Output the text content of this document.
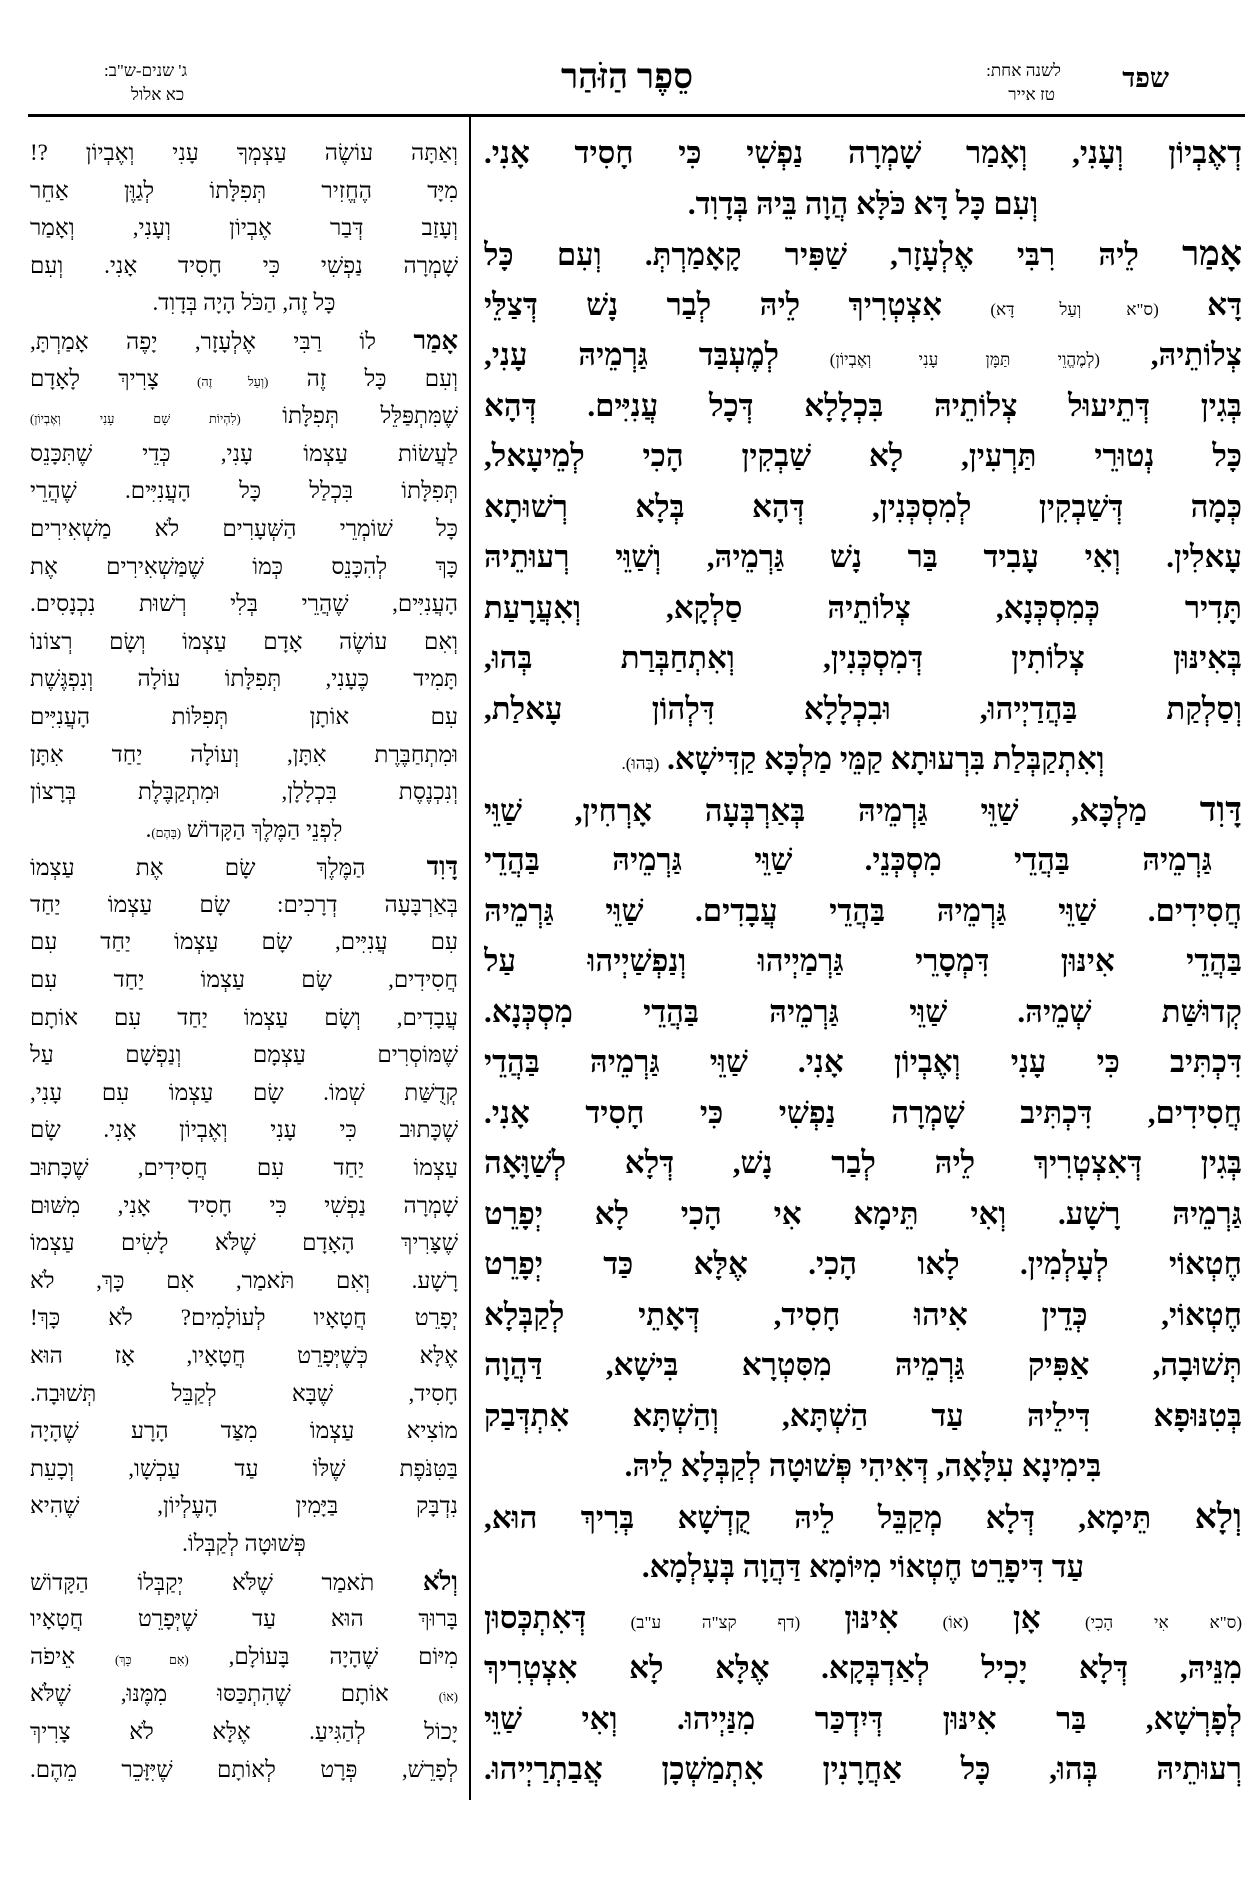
שפד
לשנה אחת:
טז אייר
סֵפֶר הַזֹּהַר
ג' שנים-ש"ב:
כא אלול
דְאֶבְיוֹן וְעָנִי, וְאָמַר שָׁמְרָה נַפְשִׁי כִּי חָסִיד אָנִי.
וְעִם כָּל דָּא כֹּלָּא הֲוָה בֵּיהּ בְּדָוִד.
אָמַר לֵיהּ רִבִּי אֶלְעָזָר, שַׁפִּיר קָאָמַרְתְּ. וְעִם כָּל
דָּא (ס"א וְעַל דָּא) אִצְטְרִיךְ לֵיהּ לְבַר נָשׁ דְּצַלֵּי
צְלוֹתֵיהּ, (לְמֶהֱוֵי תַּמָּן עָנִי וְאֶבְיוֹן) לְמֶעְבַּד גַּרְמֵיהּ עָנִי,
בְּגִין דְּתֵיעוּל צְלוֹתֵיהּ בִּכְלָלָא דְּכָל עֲנִיִּים. דְּהָא
כָּל נְטוּרֵי תַּרְעִין, לָא שַׁבְקִין הָכִי לְמֵיעָאל,
כְּמָה דְּשַׁבְקִין לְמִסְכְּנִין, דְּהָא בְּלָא רְשׁוּתָא
עָאלִין. וְאִי עָבִיד בַּר נָשׁ גַּרְמֵיהּ, וְשַׁוֵּי רְעוּתֵיהּ
תָּדִיר כְּמִסְכְּנָא, צְלוֹתֵיהּ סַלְקָא, וְאִעֲרָעַת
בְּאִינּוּן צְלוֹתִין דְּמִסְכְּנִין, וְאִתְחַבְּרַת בְּהוּ,
וְסַלְקַת בַּהֲדַיְיהוּ, וּבִכְלָלָא דִּלְהוֹן עָאלַת,
וְאִתְקַבְּלַת בִּרְעוּתָא קַמֵּי מַלְכָּא קַדִּישָׁא. (בְּהוּ).
דָּוִד מַלְכָּא, שַׁוֵּי גַּרְמֵיהּ בְּאַרְבְּעָה אָרְחִין, שַׁוֵּי
גַּרְמֵיהּ בַּהֲדֵי מִסְכְּנֵי. שַׁוֵּי גַּרְמֵיהּ בַּהֲדֵי
חֲסִידִים. שַׁוֵּי גַּרְמֵיהּ בַּהֲדֵי עֲבָדִים. שַׁוֵּי גַּרְמֵיהּ
בַּהֲדֵי אִינּוּן דִּמְסָרֵי גַּרְמַיְיהוּ וְנַפְשַׁיְיהוּ עַל
קְדוּשַּׁת שְׁמֵיהּ. שַׁוֵּי גַּרְמֵיהּ בַּהֲדֵי מִסְכְּנָא.
דִּכְתִּיב כִּי עָנִי וְאֶבְיוֹן אָנִי. שַׁוֵּי גַּרְמֵיהּ בַּהֲדֵי
חֲסִידִים, דִּכְתִּיב שָׁמְרָה נַפְשִׁי כִּי חָסִיד אָנִי.
בְּגִין דְּאִצְטְרִיךְ לֵיהּ לְבַר נָשׁ, דְּלָא לְשַׁוָּאָה
גַּרְמֵיהּ רָשָׁע. וְאִי תֵּימָא אִי הָכִי לָא יְפָרֵט
חֶטְאוֹי לְעָלְמִין. לָאו הָכִי. אֶלָּא כַּד יְפָרֵט
חֶטְאוֹי, כְּדֵין אִיהוּ חָסִיד, דְּאָתֵי לְקַבְּלָא
תְּשׁוּבָה, אַפִּיק גַּרְמֵיהּ מִסִּטְרָא בִּישָׁא, דַּהֲוָה
בְּטִנּוּפָא דִּילֵיהּ עַד הַשְׁתָּא, וְהַשְׁתָּא אִתְדְּבַק
בִּימִינָא עִלָּאָה, דְּאִיהִי פְּשׁוּטָה לְקַבְּלָא לֵיהּ.
וְלָא תֵּימָא, דְּלָא מְקַבֵּל לֵיהּ קֻדְשָׁא בְּרִיךְ הוּא,
עַד דִּיפָרֵט חֶטְאוֹי מִיּוֹמָא דַּהֲוָה בְּעָלְמָא.
(ס"א אִי הָכִי) אָן (אוֹ) אִינּוּן (דף קצ"ה ע"ב) דְּאִתְכְּסוּן
מִנֵּיהּ, דְּלָא יָכִיל לְאַדְבְּקָא. אֶלָּא לָא אִצְטְרִיךְ
לְפָרְשָׁא, בַּר אִינּוּן דְּיִדְכַּר מִנַּיְיהוּ. וְאִי שַׁוֵּי
רְעוּתֵיהּ בְּהוּ, כָּל אַחֲרָנִין אִתְמַשְׁכָן אֲבַתְרַיְיהוּ.
וְאַתָּה עוֹשֶׂה עַצְמְךָ עָנִי וְאֶבְיוֹן ?!
מִיָּד הֶחֱזִיר תְּפִלָּתוֹ לְגַוֶּן אַחֵר
וְעָזַב דְּבַר אֶבְיוֹן וְעָנִי, וְאָמַר
שָׁמְרָה נַפְשִׁי כִּי חָסִיד אָנִי. וְעִם
כָּל זֶה, הַכֹּל הָיָה בְּדָוִד.
אָמַר לוֹ רַבִּי אֶלְעָזָר, יָפֶה אָמַרְתָּ,
וְעִם כָּל זֶה (וְעַל זֶה) צָרִיךְ לָאָדָם
שֶׁמִּתְפַּלֵּל תְּפִלָּתוֹ (לִהְיוֹת שָׁם עָנִי וְאֶבְיוֹן)
לַעֲשׂוֹת עַצְמוֹ עָנִי, כְּדֵי שֶׁתִּכָּנֵס
תְּפִלָּתוֹ בִּכְלַל כָּל הָעֲנִיִּים. שֶׁהֲרֵי
כָּל שׁוֹמְרֵי הַשְּׁעָרִים לֹא מַשְׁאִירִים
כָּךְ לְהִכָּנֵס כְּמוֹ שֶׁמַּשְׁאִירִים אֶת
הָעֲנִיִּים, שֶׁהֲרֵי בְּלִי רְשׁוּת נִכְנָסִים.
וְאִם עוֹשֶׂה אָדָם עַצְמוֹ וְשָׂם רְצוֹנוֹ
תָּמִיד כֶּעָנִי, תְּפִלָּתוֹ עוֹלָה וְנִפְגֶּשֶׁת
עִם אוֹתָן תְּפִלּוֹת הָעֲנִיִּים
וּמִתְחַבֶּרֶת אִתָּן, וְעוֹלָה יַחַד אִתָּן
וְנִכְנֶסֶת בִּכְלָלָן, וּמִתְקַבֶּלֶת בְּרָצוֹן
לִפְנֵי הַמֶּלֶךְ הַקָּדוֹשׁ (בָּהֶם).
דָּוִד הַמֶּלֶךְ שָׂם אֶת עַצְמוֹ
בְּאַרְבָּעָה דְרָכִים: שָׂם עַצְמוֹ יַחַד
עִם עֲנִיִּים, שָׂם עַצְמוֹ יַחַד עִם
חֲסִידִים, שָׂם עַצְמוֹ יַחַד עִם
עֲבָדִים, וְשָׂם עַצְמוֹ יַחַד עִם אוֹתָם
שֶׁמּוֹסְרִים עַצְמָם וְנַפְשָׁם עַל
קְדֻשַּׁת שְׁמוֹ. שָׂם עַצְמוֹ עִם עָנִי,
שֶׁכָּתוּב כִּי עָנִי וְאֶבְיוֹן אָנִי. שָׂם
עַצְמוֹ יַחַד עִם חֲסִידִים, שֶׁכָּתוּב
שָׁמְרָה נַפְשִׁי כִּי חָסִיד אָנִי, מִשּׁוּם
שֶׁצָּרִיךְ הָאָדָם שֶׁלֹּא לָשִׂים עַצְמוֹ
רָשָׁע. וְאִם תֹּאמַר, אִם כָּךְ, לֹא
יְפָרֵט חֲטָאָיו לְעוֹלָמִים? לֹא כָּךְ!
אֶלָּא כְּשֶׁיְּפָרֵט חֲטָאָיו, אָז הוּא
חָסִיד, שֶׁבָּא לְקַבֵּל תְּשׁוּבָה.
מוֹצִיא עַצְמוֹ מִצַּד הָרָע שֶׁהָיָה
בַּטִּנֹּפֶת שֶׁלּוֹ עַד עַכְשָׁו, וְכָעֵת
נִדְבָּק בַּיָּמִין הָעֶלְיוֹן, שֶׁהִיא
פְּשׁוּטָה לְקַבְּלוֹ.
וְלֹא תֹאמַר שֶׁלֹּא יְקַבְּלוֹ הַקָּדוֹשׁ
בָּרוּךְ הוּא עַד שֶׁיְּפָרֵט חֲטָאָיו
מִיּוֹם שֶׁהָיָה בָּעוֹלָם, (אִם כָּךְ) אֵיפֹה
(אוֹ) אוֹתָם שֶׁהִתְכַּסּוּ מִמֶּנּוּ, שֶׁלֹּא
יָכוֹל לְהַגִּיעַ. אֶלָּא לֹא צָרִיךְ
לְפָרֵשׁ, פְּרָט לְאוֹתָם שֶׁיִּזָּכֵר מֵהֶם.
